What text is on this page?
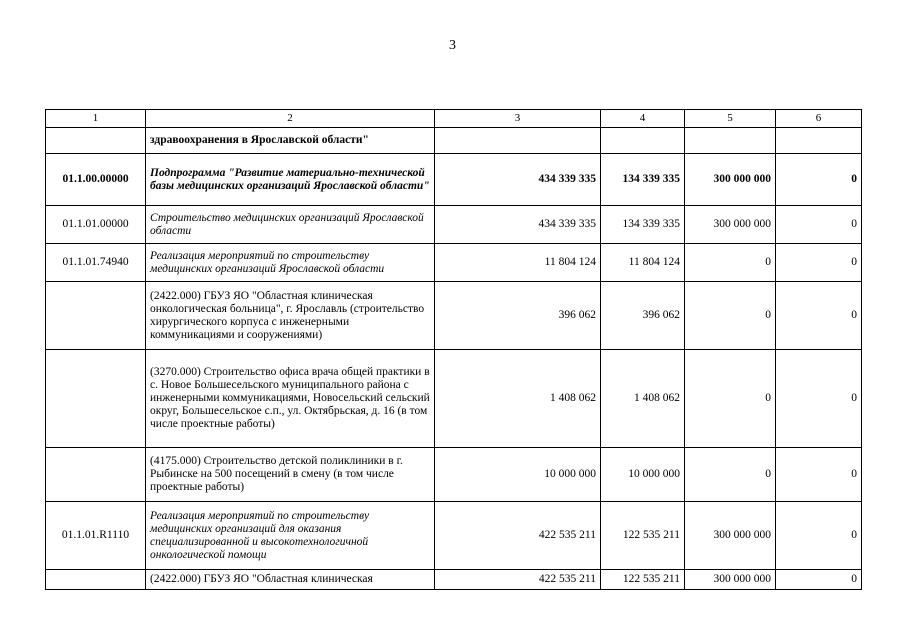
3
1	2	3	4	5	6
	здравоохранения в Ярославской области"				
01.1.00.00000	Подпрограмма "Развитие материально-технической базы медицинских организаций Ярославской области"	434 339 335	134 339 335	300 000 000	0
01.1.01.00000	Строительство медицинских организаций Ярославской области	434 339 335	134 339 335	300 000 000	0
01.1.01.74940	Реализация мероприятий по строительству медицинских организаций Ярославской области	11 804 124	11 804 124	0	0
	(2422.000) ГБУЗ ЯО "Областная клиническая онкологическая больница", г. Ярославль (строительство хирургического корпуса с инженерными коммуникациями и сооружениями)	396 062	396 062	0	0
	(3270.000) Строительство офиса врача общей практики в с. Новое Большесельского муниципального района с инженерными коммуникациями, Новосельский сельский округ, Большесельское с.п., ул. Октябрьская, д. 16 (в том числе проектные работы)	1 408 062	1 408 062	0	0
	(4175.000) Строительство детской поликлиники в г. Рыбинске на 500 посещений в смену (в том числе проектные работы)	10 000 000	10 000 000	0	0
01.1.01.R1110	Реализация мероприятий по строительству медицинских организаций для оказания специализированной и высокотехнологичной онкологической помощи	422 535 211	122 535 211	300 000 000	0
	(2422.000) ГБУЗ ЯО "Областная клиническая	422 535 211	122 535 211	300 000 000	0
